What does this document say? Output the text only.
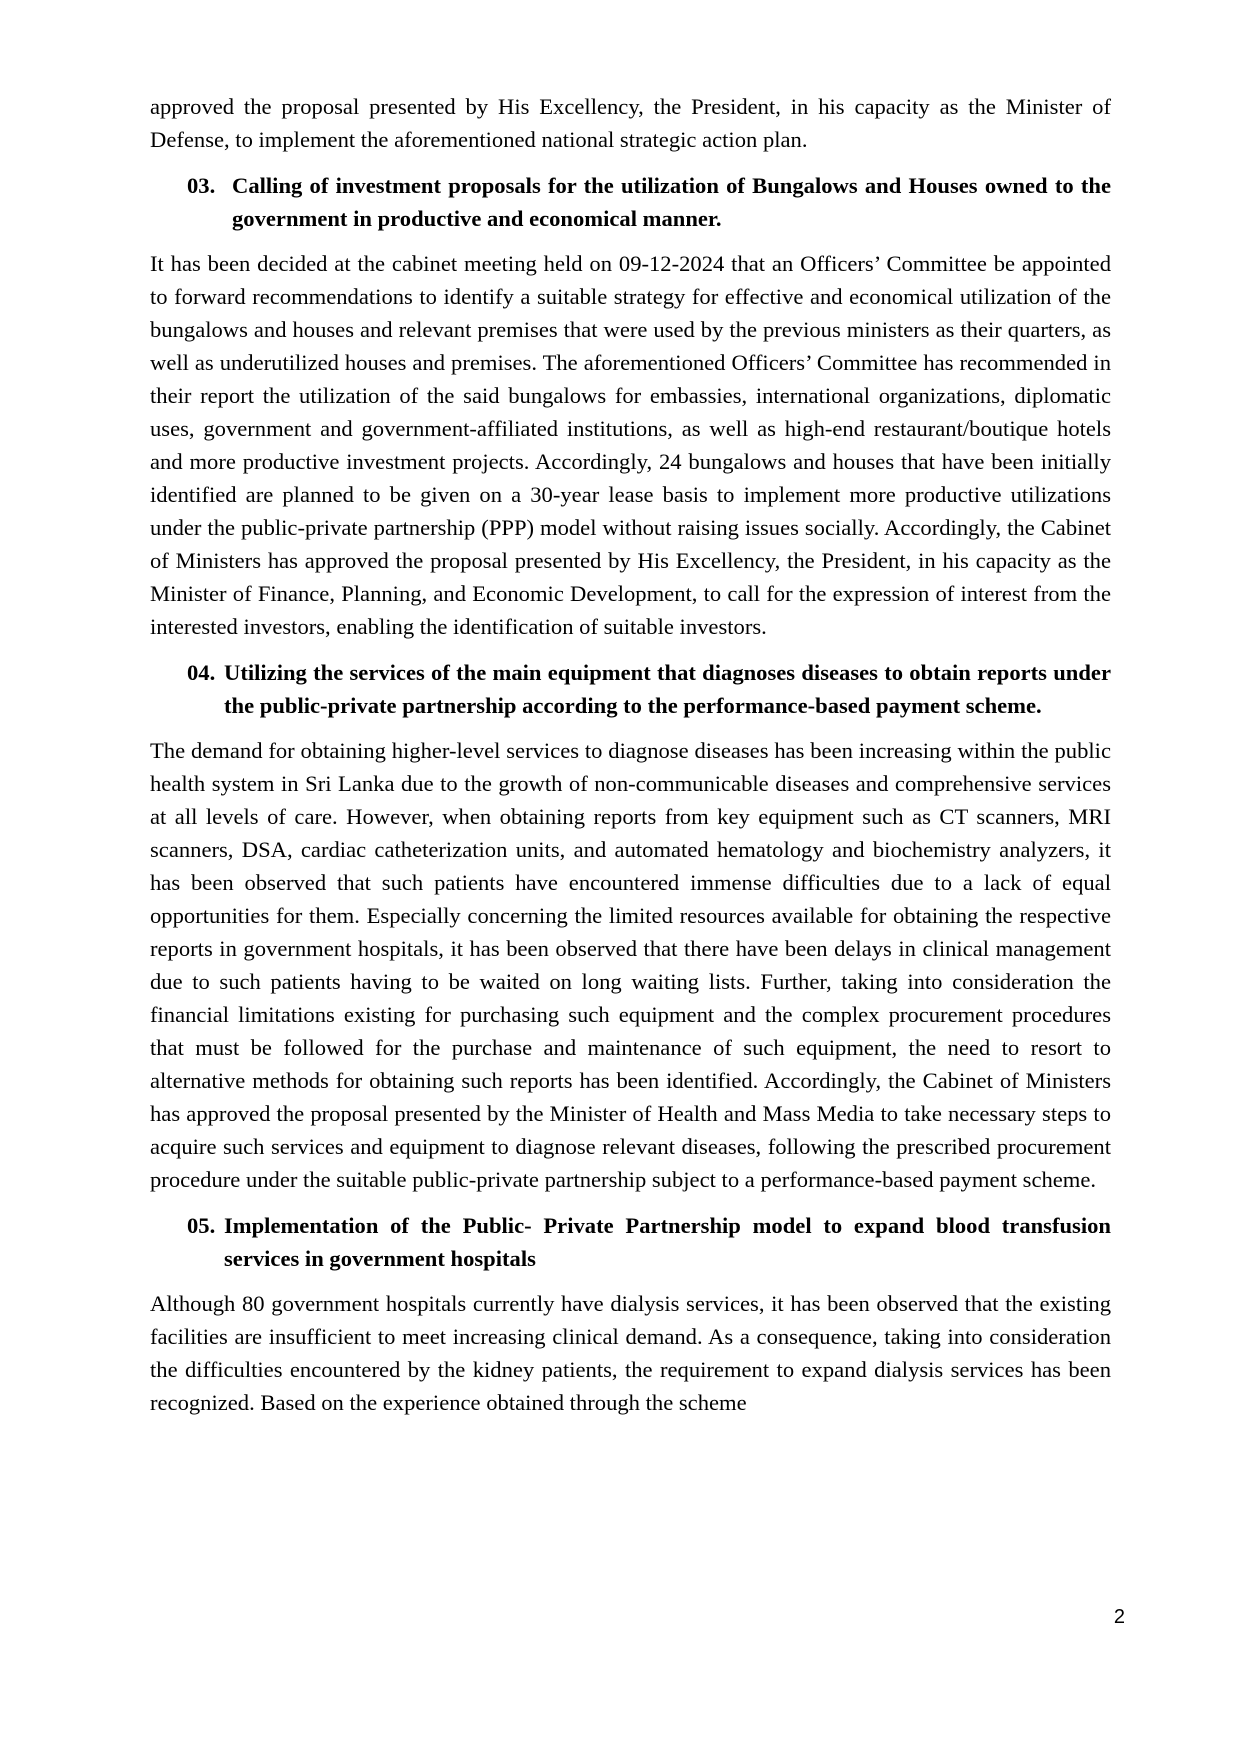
approved the proposal presented by His Excellency, the President, in his capacity as the Minister of Defense, to implement the aforementioned national strategic action plan.

03. Calling of investment proposals for the utilization of Bungalows and Houses owned to the government in productive and economical manner.

It has been decided at the cabinet meeting held on 09-12-2024 that an Officers’ Committee be appointed to forward recommendations to identify a suitable strategy for effective and economical utilization of the bungalows and houses and relevant premises that were used by the previous ministers as their quarters, as well as underutilized houses and premises. The aforementioned Officers’ Committee has recommended in their report the utilization of the said bungalows for embassies, international organizations, diplomatic uses, government and government-affiliated institutions, as well as high-end restaurant/boutique hotels and more productive investment projects. Accordingly, 24 bungalows and houses that have been initially identified are planned to be given on a 30-year lease basis to implement more productive utilizations under the public-private partnership (PPP) model without raising issues socially. Accordingly, the Cabinet of Ministers has approved the proposal presented by His Excellency, the President, in his capacity as the Minister of Finance, Planning, and Economic Development, to call for the expression of interest from the interested investors, enabling the identification of suitable investors.

04. Utilizing the services of the main equipment that diagnoses diseases to obtain reports under the public-private partnership according to the performance-based payment scheme.

The demand for obtaining higher-level services to diagnose diseases has been increasing within the public health system in Sri Lanka due to the growth of non-communicable diseases and comprehensive services at all levels of care. However, when obtaining reports from key equipment such as CT scanners, MRI scanners, DSA, cardiac catheterization units, and automated hematology and biochemistry analyzers, it has been observed that such patients have encountered immense difficulties due to a lack of equal opportunities for them. Especially concerning the limited resources available for obtaining the respective reports in government hospitals, it has been observed that there have been delays in clinical management due to such patients having to be waited on long waiting lists. Further, taking into consideration the financial limitations existing for purchasing such equipment and the complex procurement procedures that must be followed for the purchase and maintenance of such equipment, the need to resort to alternative methods for obtaining such reports has been identified. Accordingly, the Cabinet of Ministers has approved the proposal presented by the Minister of Health and Mass Media to take necessary steps to acquire such services and equipment to diagnose relevant diseases, following the prescribed procurement procedure under the suitable public-private partnership subject to a performance-based payment scheme.

05. Implementation of the Public- Private Partnership model to expand blood transfusion services in government hospitals

Although 80 government hospitals currently have dialysis services, it has been observed that the existing facilities are insufficient to meet increasing clinical demand. As a consequence, taking into consideration the difficulties encountered by the kidney patients, the requirement to expand dialysis services has been recognized. Based on the experience obtained through the scheme

2
